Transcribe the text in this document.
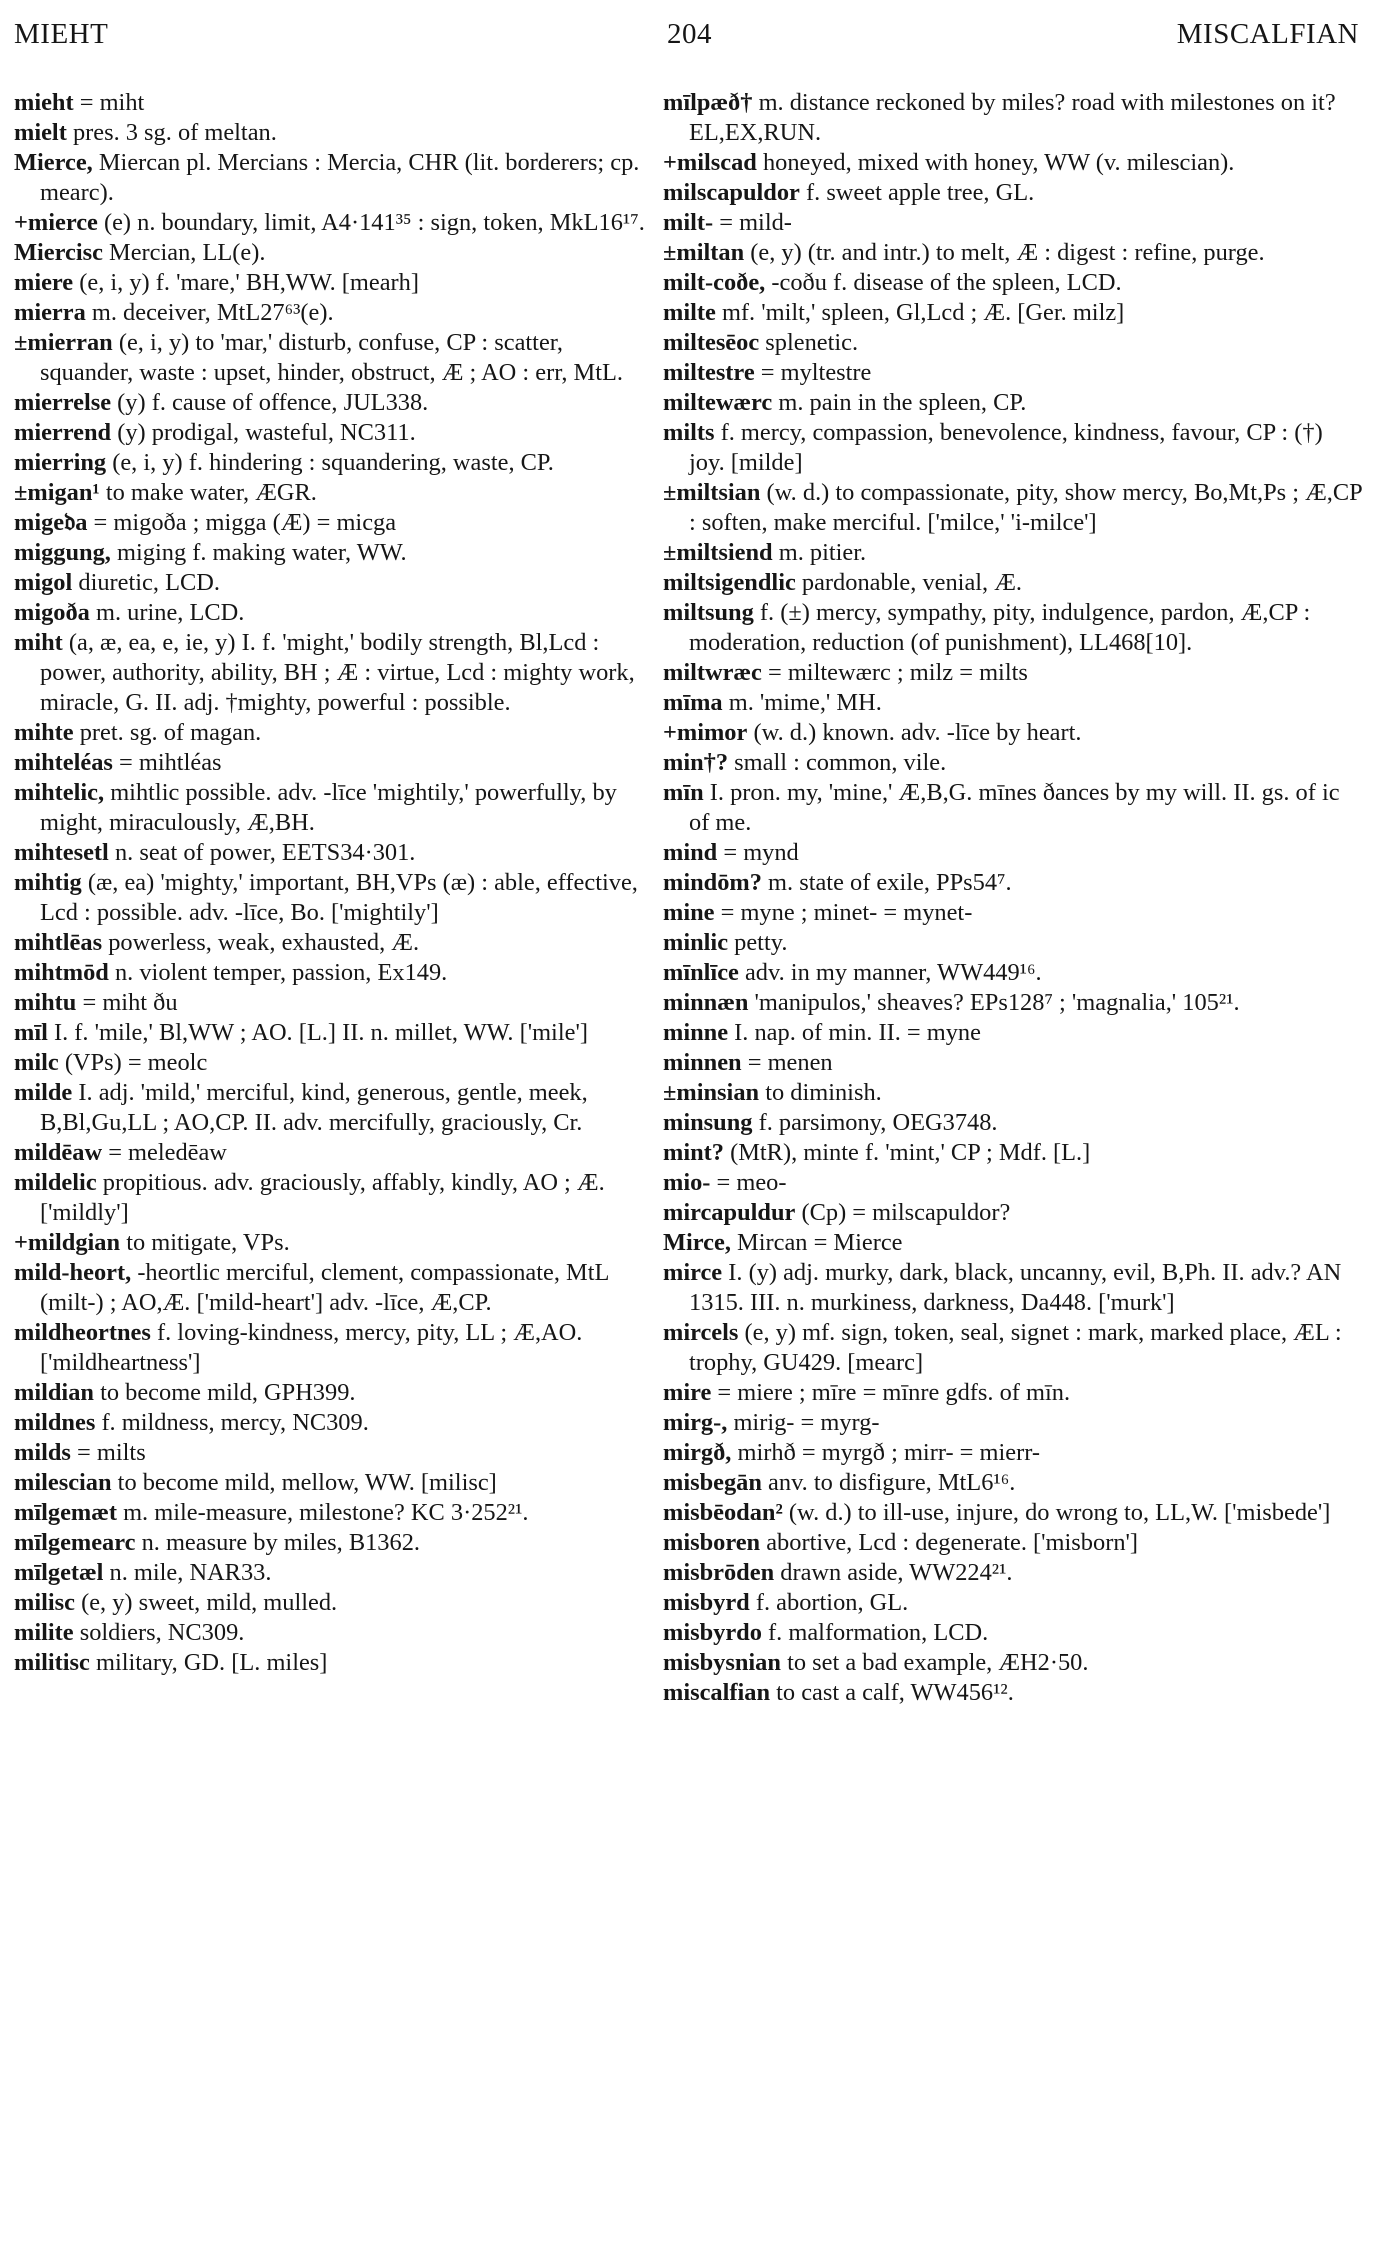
MIEHT	204	MISCALFIAN
mieht = miht
mielt pres. 3 sg. of meltan.
Mierce, Miercan pl. Mercians : Mercia, CHR (lit. borderers; cp. mearc).
+mierce (e) n. boundary, limit, A4·141³⁵ : sign, token, MkL16¹⁷.
Miercisc Mercian, LL(e).
miere (e, i, y) f. 'mare,' BH,WW. [mearh]
mierra m. deceiver, MtL27⁶³(e).
±mierran (e, i, y) to 'mar,' disturb, confuse, CP : scatter, squander, waste : upset, hinder, obstruct, Æ ; AO : err, MtL.
mierrelse (y) f. cause of offence, JUL338.
mierrend (y) prodigal, wasteful, NC311.
mierring (e, i, y) f. hindering : squandering, waste, CP.
±migan¹ to make water, ÆGR.
mige𝔡a = migoða ; migga (Æ) = micga
miggung, miging f. making water, WW.
migol diuretic, LCD.
migoða m. urine, LCD.
miht (a, æ, ea, e, ie, y) I. f. 'might,' bodily strength, Bl,Lcd : power, authority, ability, BH ; Æ : virtue, Lcd : mighty work, miracle, G. II. adj. †mighty, powerful : possible.
mihte pret. sg. of magan.
mihteléas = mihtléas
mihtelic, mihtlic possible. adv. -līce 'mightily,' powerfully, by might, miraculously, Æ,BH.
mihtesetl n. seat of power, EETS34·301.
mihtig (æ, ea) 'mighty,' important, BH,VPs (æ) : able, effective, Lcd : possible. adv. -līce, Bo. ['mightily']
mihtlēas powerless, weak, exhausted, Æ.
mihtmōd n. violent temper, passion, Ex149.
mihtu = miht ðu
mīl I. f. 'mile,' Bl,WW ; AO. [L.] II. n. millet, WW. ['mile']
milc (VPs) = meolc
milde I. adj. 'mild,' merciful, kind, generous, gentle, meek, B,Bl,Gu,LL ; AO,CP. II. adv. mercifully, graciously, Cr.
mildēaw = meledēaw
mildelic propitious. adv. graciously, affably, kindly, AO ; Æ. ['mildly']
+mildgian to mitigate, VPs.
mild-heort, -heortlic merciful, clement, compassionate, MtL (milt-) ; AO,Æ. ['mild-heart'] adv. -līce, Æ,CP.
mildheortnes f. loving-kindness, mercy, pity, LL ; Æ,AO. ['mildheartness']
mildian to become mild, GPH399.
mildnes f. mildness, mercy, NC309.
milds = milts
milescian to become mild, mellow, WW. [milisc]
mīlgemæt m. mile-measure, milestone? KC 3·252²¹.
mīlgemearc n. measure by miles, B1362.
mīlgetæl n. mile, NAR33.
milisc (e, y) sweet, mild, mulled.
milite soldiers, NC309.
militisc military, GD. [L. miles]
mīlpæð† m. distance reckoned by miles? road with milestones on it? EL,EX,RUN.
+milscad honeyed, mixed with honey, WW (v. milescian).
milscapuldor f. sweet apple tree, GL.
milt- = mild-
±miltan (e, y) (tr. and intr.) to melt, Æ : digest : refine, purge.
milt-coðe, -coðu f. disease of the spleen, LCD.
milte mf. 'milt,' spleen, Gl,Lcd ; Æ. [Ger. milz]
miltesēoc splenetic.
miltestre = myltestre
miltewærc m. pain in the spleen, CP.
milts f. mercy, compassion, benevolence, kindness, favour, CP : (†) joy. [milde]
±miltsian (w. d.) to compassionate, pity, show mercy, Bo,Mt,Ps ; Æ,CP : soften, make merciful. ['milce,' 'i-milce']
±miltsiend m. pitier.
miltsigendlic pardonable, venial, Æ.
miltsung f. (±) mercy, sympathy, pity, indulgence, pardon, Æ,CP : moderation, reduction (of punishment), LL468[10].
miltwræc = miltewærc ; milz = milts
mīma m. 'mime,' MH.
+mimor (w. d.) known. adv. -līce by heart.
min†? small : common, vile.
mīn I. pron. my, 'mine,' Æ,B,G. mīnes ðances by my will. II. gs. of ic of me.
mind = mynd
mindōm? m. state of exile, PPs54⁷.
mine = myne ; minet- = mynet-
minlic petty.
mīnlīce adv. in my manner, WW449¹⁶.
minnæn 'manipulos,' sheaves? EPs128⁷ ; 'magnalia,' 105²¹.
minne I. nap. of min. II. = myne
minnen = menen
±minsian to diminish.
minsung f. parsimony, OEG3748.
mint? (MtR), minte f. 'mint,' CP ; Mdf. [L.]
mio- = meo-
mircapuldur (Cp) = milscapuldor?
Mirce, Mircan = Mierce
mirce I. (y) adj. murky, dark, black, uncanny, evil, B,Ph. II. adv.? AN 1315. III. n. murkiness, darkness, Da448. ['murk']
mircels (e, y) mf. sign, token, seal, signet : mark, marked place, ÆL : trophy, GU429. [mearc]
mire = miere ; mīre = mīnre gdfs. of mīn.
mirg-, mirig- = myrg-
mirgð, mirhð = myrgð ; mirr- = mierr-
misbegān anv. to disfigure, MtL6¹⁶.
misbēodan² (w. d.) to ill-use, injure, do wrong to, LL,W. ['misbede']
misboren abortive, Lcd : degenerate. ['misborn']
misbrōden drawn aside, WW224²¹.
misbyrd f. abortion, GL.
misbyrdo f. malformation, LCD.
misbysnian to set a bad example, ÆH2·50.
miscalfian to cast a calf, WW456¹².
